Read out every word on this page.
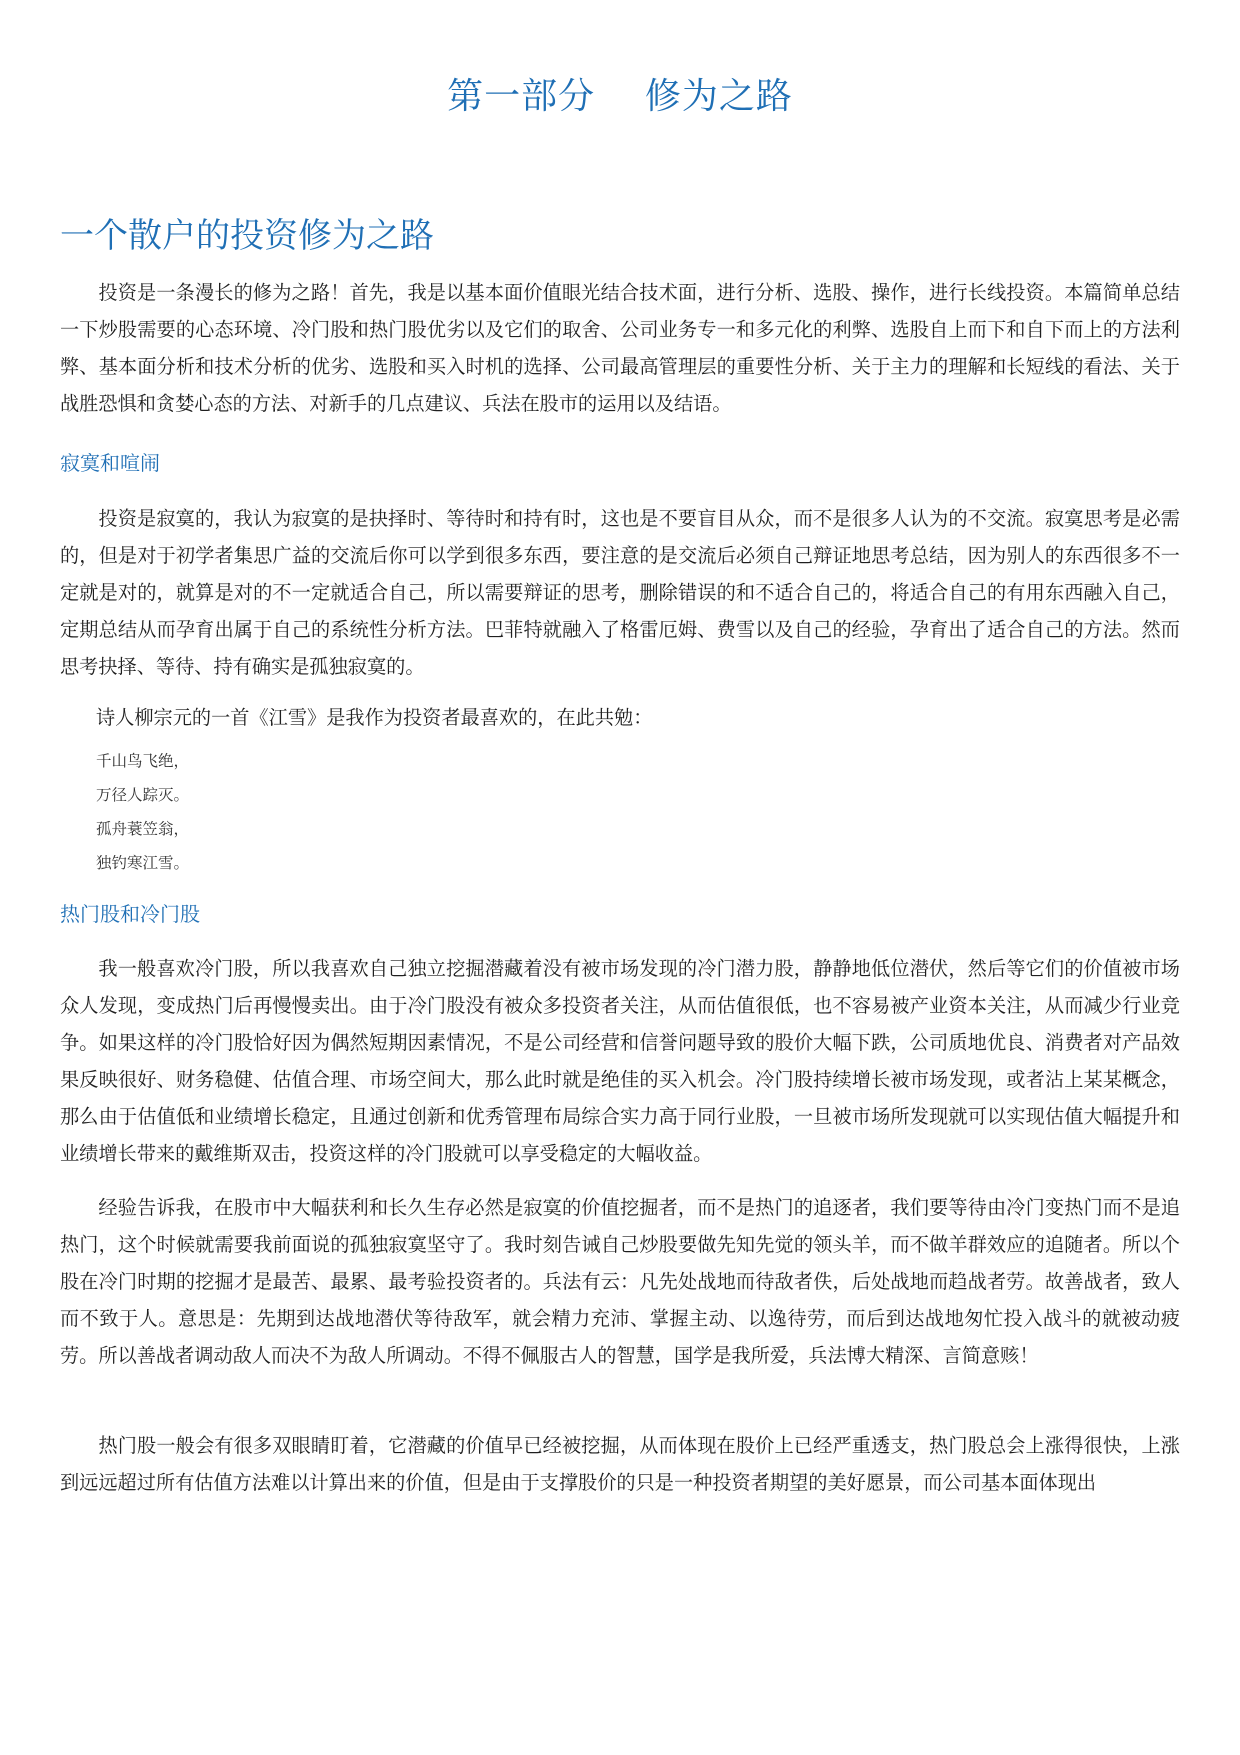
第一部分    修为之路
一个散户的投资修为之路

投资是一条漫长的修为之路！首先，我是以基本面价值眼光结合技术面，进行分析、选股、操作，进行长线投资。本篇简单总结一下炒股需要的心态环境、冷门股和热门股优劣以及它们的取舍、公司业务专一和多元化的利弊、选股自上而下和自下而上的方法利弊、基本面分析和技术分析的优劣、选股和买入时机的选择、公司最高管理层的重要性分析、关于主力的理解和长短线的看法、关于战胜恐惧和贪婪心态的方法、对新手的几点建议、兵法在股市的运用以及结语。

寂寞和喧闹

投资是寂寞的，我认为寂寞的是抉择时、等待时和持有时，这也是不要盲目从众，而不是很多人认为的不交流。寂寞思考是必需的，但是对于初学者集思广益的交流后你可以学到很多东西，要注意的是交流后必须自己辩证地思考总结，因为别人的东西很多不一定就是对的，就算是对的不一定就适合自己，所以需要辩证的思考，删除错误的和不适合自己的，将适合自己的有用东西融入自己，定期总结从而孕育出属于自己的系统性分析方法。巴菲特就融入了格雷厄姆、费雪以及自己的经验，孕育出了适合自己的方法。然而思考抉择、等待、持有确实是孤独寂寞的。

诗人柳宗元的一首《江雪》是我作为投资者最喜欢的，在此共勉：

千山鸟飞绝，
万径人踪灭。
孤舟蓑笠翁，
独钓寒江雪。
热门股和冷门股

我一般喜欢冷门股，所以我喜欢自己独立挖掘潜藏着没有被市场发现的冷门潜力股，静静地低位潜伏，然后等它们的价值被市场众人发现，变成热门后再慢慢卖出。由于冷门股没有被众多投资者关注，从而估值很低，也不容易被产业资本关注，从而减少行业竞争。如果这样的冷门股恰好因为偶然短期因素情况，不是公司经营和信誉问题导致的股价大幅下跌，公司质地优良、消费者对产品效果反映很好、财务稳健、估值合理、市场空间大，那么此时就是绝佳的买入机会。冷门股持续增长被市场发现，或者沾上某某概念，那么由于估值低和业绩增长稳定，且通过创新和优秀管理布局综合实力高于同行业股，一旦被市场所发现就可以实现估值大幅提升和业绩增长带来的戴维斯双击，投资这样的冷门股就可以享受稳定的大幅收益。

经验告诉我，在股市中大幅获利和长久生存必然是寂寞的价值挖掘者，而不是热门的追逐者，我们要等待由冷门变热门而不是追热门，这个时候就需要我前面说的孤独寂寞坚守了。我时刻告诫自己炒股要做先知先觉的领头羊，而不做羊群效应的追随者。所以个股在冷门时期的挖掘才是最苦、最累、最考验投资者的。兵法有云：凡先处战地而待敌者佚，后处战地而趋战者劳。故善战者，致人而不致于人。意思是：先期到达战地潜伏等待敌军，就会精力充沛、掌握主动、以逸待劳，而后到达战地匆忙投入战斗的就被动疲劳。所以善战者调动敌人而决不为敌人所调动。不得不佩服古人的智慧，国学是我所爱，兵法博大精深、言简意赅！

热门股一般会有很多双眼睛盯着，它潜藏的价值早已经被挖掘，从而体现在股价上已经严重透支，热门股总会上涨得很快，上涨到远远超过所有估值方法难以计算出来的价值，但是由于支撑股价的只是一种投资者期望的美好愿景，而公司基本面体现出
